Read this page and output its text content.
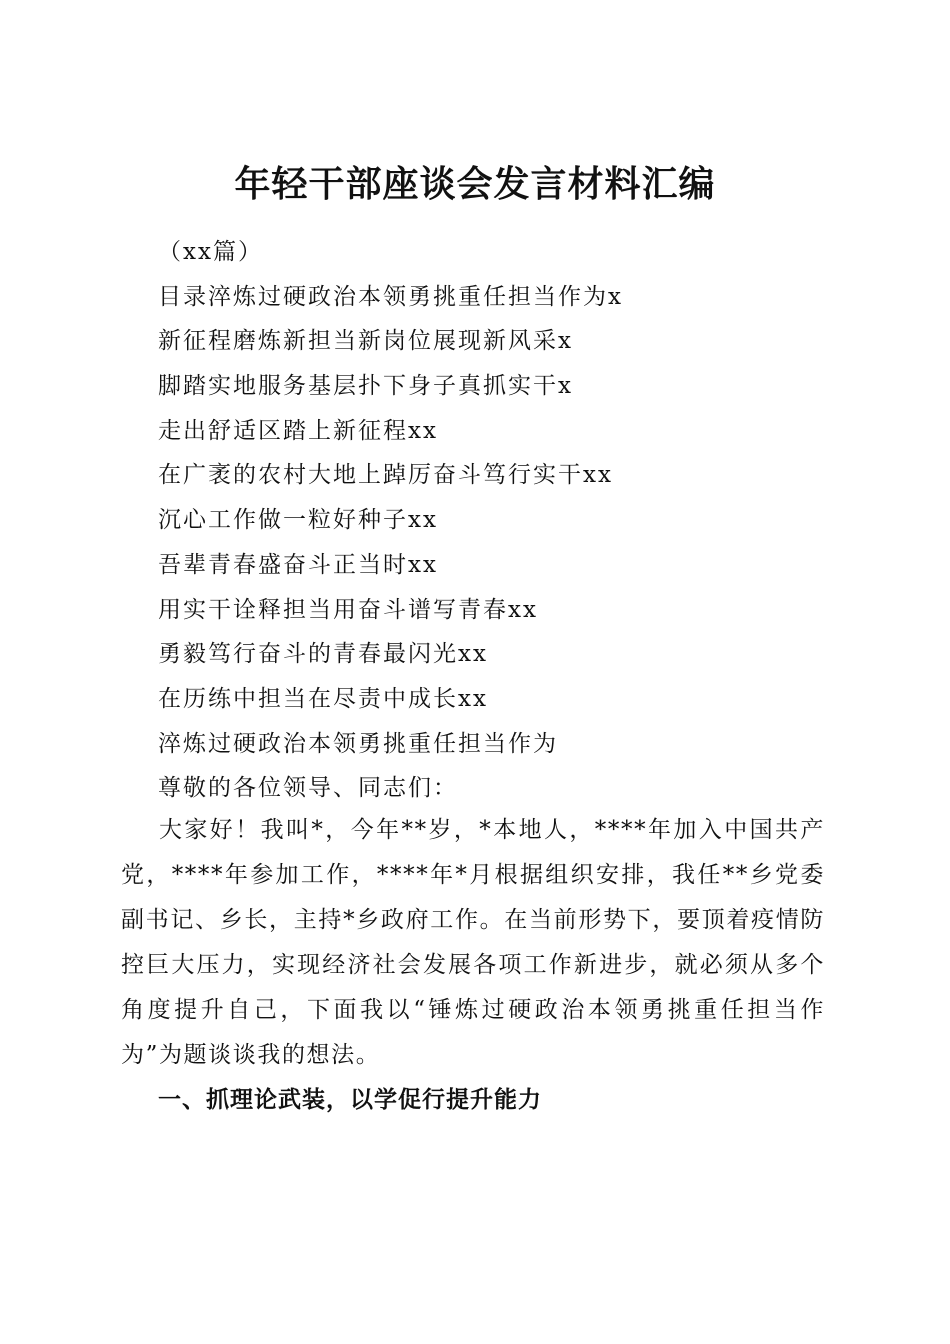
年轻干部座谈会发言材料汇编
（xx篇）
目录淬炼过硬政治本领勇挑重任担当作为x
新征程磨炼新担当新岗位展现新风采x
脚踏实地服务基层扑下身子真抓实干x
走出舒适区踏上新征程xx
在广袤的农村大地上踔厉奋斗笃行实干xx
沉心工作做一粒好种子xx
吾辈青春盛奋斗正当时xx
用实干诠释担当用奋斗谱写青春xx
勇毅笃行奋斗的青春最闪光xx
在历练中担当在尽责中成长xx
淬炼过硬政治本领勇挑重任担当作为
尊敬的各位领导、同志们：

大家好！我叫*，今年**岁，*本地人，****年加入中国共产党，****年参加工作，****年*月根据组织安排，我任**乡党委副书记、乡长，主持*乡政府工作。在当前形势下，要顶着疫情防控巨大压力，实现经济社会发展各项工作新进步，就必须从多个角度提升自己，下面我以“锤炼过硬政治本领勇挑重任担当作为”为题谈谈我的想法。

一、抓理论武装，以学促行提升能力
